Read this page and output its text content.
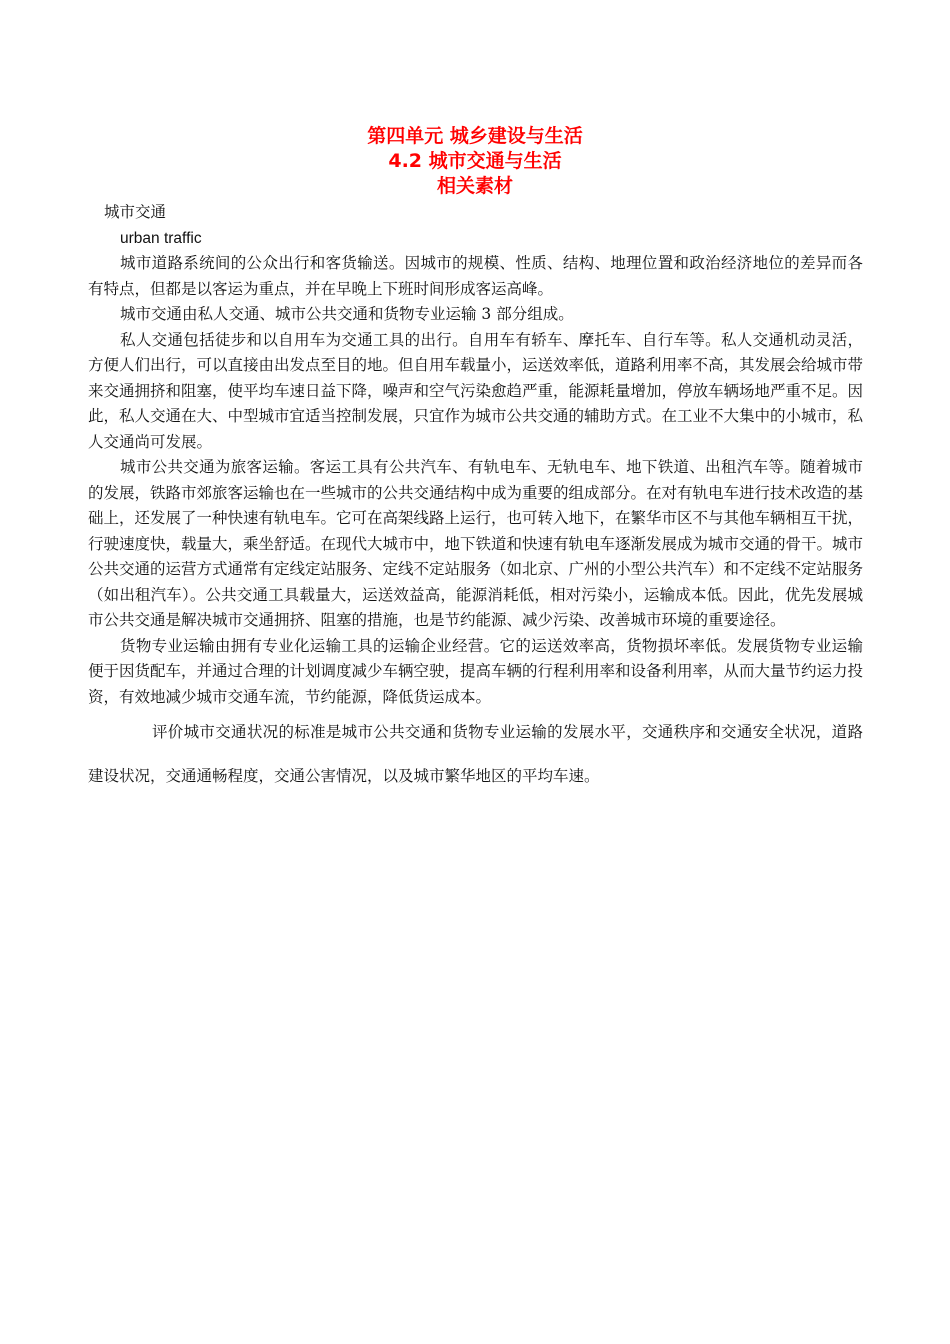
第四单元 城乡建设与生活
4.2 城市交通与生活
相关素材

城市交通

urban traffic

城市道路系统间的公众出行和客货输送。因城市的规模、性质、结构、地理位置和政治经济地位的差异而各有特点，但都是以客运为重点，并在早晚上下班时间形成客运高峰。

城市交通由私人交通、城市公共交通和货物专业运输 3 部分组成。

私人交通包括徒步和以自用车为交通工具的出行。自用车有轿车、摩托车、自行车等。私人交通机动灵活，方便人们出行，可以直接由出发点至目的地。但自用车载量小，运送效率低，道路利用率不高，其发展会给城市带来交通拥挤和阻塞，使平均车速日益下降，噪声和空气污染愈趋严重，能源耗量增加，停放车辆场地严重不足。因此，私人交通在大、中型城市宜适当控制发展，只宜作为城市公共交通的辅助方式。在工业不大集中的小城市，私人交通尚可发展。

城市公共交通为旅客运输。客运工具有公共汽车、有轨电车、无轨电车、地下铁道、出租汽车等。随着城市的发展，铁路市郊旅客运输也在一些城市的公共交通结构中成为重要的组成部分。在对有轨电车进行技术改造的基础上，还发展了一种快速有轨电车。它可在高架线路上运行，也可转入地下，在繁华市区不与其他车辆相互干扰，行驶速度快，载量大，乘坐舒适。在现代大城市中，地下铁道和快速有轨电车逐渐发展成为城市交通的骨干。城市公共交通的运营方式通常有定线定站服务、定线不定站服务（如北京、广州的小型公共汽车）和不定线不定站服务（如出租汽车）。公共交通工具载量大，运送效益高，能源消耗低，相对污染小，运输成本低。因此，优先发展城市公共交通是解决城市交通拥挤、阻塞的措施，也是节约能源、减少污染、改善城市环境的重要途径。

货物专业运输由拥有专业化运输工具的运输企业经营。它的运送效率高，货物损坏率低。发展货物专业运输便于因货配车，并通过合理的计划调度减少车辆空驶，提高车辆的行程利用率和设备利用率，从而大量节约运力投资，有效地减少城市交通车流，节约能源，降低货运成本。

评价城市交通状况的标准是城市公共交通和货物专业运输的发展水平，交通秩序和交通安全状况，道路建设状况，交通通畅程度，交通公害情况，以及城市繁华地区的平均车速。
